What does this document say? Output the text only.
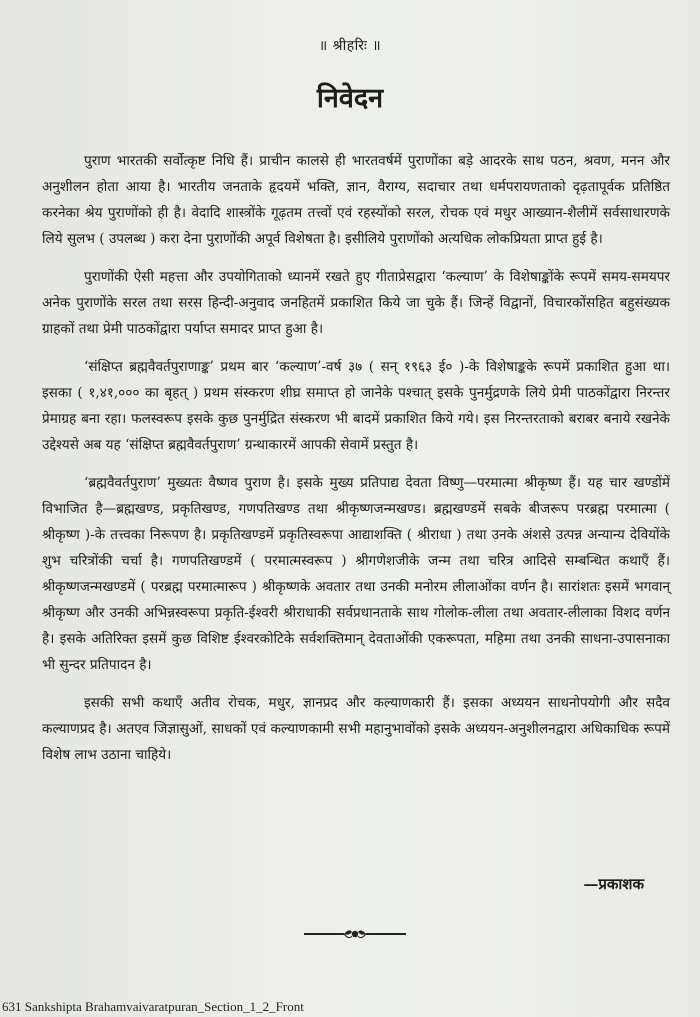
॥ श्रीहरिः ॥
निवेदन

पुराण भारतकी सर्वोत्कृष्ट निधि हैं। प्राचीन कालसे ही भारतवर्षमें पुराणोंका बड़े आदरके साथ पठन, श्रवण, मनन और अनुशीलन होता आया है। भारतीय जनताके हृदयमें भक्ति, ज्ञान, वैराग्य, सदाचार तथा धर्मपरायणताको दृढ़तापूर्वक प्रतिष्ठित करनेका श्रेय पुराणोंको ही है। वेदादि शास्त्रोंके गूढ़तम तत्त्वों एवं रहस्योंको सरल, रोचक एवं मधुर आख्यान-शैलीमें सर्वसाधारणके लिये सुलभ ( उपलब्ध ) करा देना पुराणोंकी अपूर्व विशेषता है। इसीलिये पुराणोंको अत्यधिक लोकप्रियता प्राप्त हुई है।

पुराणोंकी ऐसी महत्ता और उपयोगिताको ध्यानमें रखते हुए गीताप्रेसद्वारा ‘कल्याण’ के विशेषाङ्कोंके रूपमें समय-समयपर अनेक पुराणोंके सरल तथा सरस हिन्दी-अनुवाद जनहितमें प्रकाशित किये जा चुके हैं। जिन्हें विद्वानों, विचारकोंसहित बहुसंख्यक ग्राहकों तथा प्रेमी पाठकोंद्वारा पर्याप्त समादर प्राप्त हुआ है।

‘संक्षिप्त ब्रह्मवैवर्तपुराणाङ्क’ प्रथम बार ‘कल्याण’-वर्ष ३७ ( सन् १९६३ ई० )-के विशेषाङ्कके रूपमें प्रकाशित हुआ था। इसका ( १,४१,००० का बृहत् ) प्रथम संस्करण शीघ्र समाप्त हो जानेके पश्चात् इसके पुनर्मुद्रणके लिये प्रेमी पाठकोंद्वारा निरन्तर प्रेमाग्रह बना रहा। फलस्वरूप इसके कुछ पुनर्मुद्रित संस्करण भी बादमें प्रकाशित किये गये। इस निरन्तरताको बराबर बनाये रखनेके उद्देश्यसे अब यह ‘संक्षिप्त ब्रह्मवैवर्तपुराण’ ग्रन्थाकारमें आपकी सेवामें प्रस्तुत है।

‘ब्रह्मवैवर्तपुराण’ मुख्यतः वैष्णव पुराण है। इसके मुख्य प्रतिपाद्य देवता विष्णु—परमात्मा श्रीकृष्ण हैं। यह चार खण्डोंमें विभाजित है—ब्रह्मखण्ड, प्रकृतिखण्ड, गणपतिखण्ड तथा श्रीकृष्णजन्मखण्ड। ब्रह्मखण्डमें सबके बीजरूप परब्रह्म परमात्मा ( श्रीकृष्ण )-के तत्त्वका निरूपण है। प्रकृतिखण्डमें प्रकृतिस्वरूपा आद्याशक्ति ( श्रीराधा ) तथा उनके अंशसे उत्पन्न अन्यान्य देवियोंके शुभ चरित्रोंकी चर्चा है। गणपतिखण्डमें ( परमात्मस्वरूप ) श्रीगणेशजीके जन्म तथा चरित्र आदिसे सम्बन्धित कथाएँ हैं। श्रीकृष्णजन्मखण्डमें ( परब्रह्म परमात्मारूप ) श्रीकृष्णके अवतार तथा उनकी मनोरम लीलाओंका वर्णन है। सारांशतः इसमें भगवान् श्रीकृष्ण और उनकी अभिन्नस्वरूपा प्रकृति-ईश्वरी श्रीराधाकी सर्वप्रधानताके साथ गोलोक-लीला तथा अवतार-लीलाका विशद वर्णन है। इसके अतिरिक्त इसमें कुछ विशिष्ट ईश्वरकोटिके सर्वशक्तिमान् देवताओंकी एकरूपता, महिमा तथा उनकी साधना-उपासनाका भी सुन्दर प्रतिपादन है।

इसकी सभी कथाएँ अतीव रोचक, मधुर, ज्ञानप्रद और कल्याणकारी हैं। इसका अध्ययन साधनोपयोगी और सदैव कल्याणप्रद है। अतएव जिज्ञासुओं, साधकों एवं कल्याणकामी सभी महानुभावोंको इसके अध्ययन-अनुशीलनद्वारा अधिकाधिक रूपमें विशेष लाभ उठाना चाहिये।

—प्रकाशक
631 Sankshipta Brahamvaivaratpuran_Section_1_2_Front
